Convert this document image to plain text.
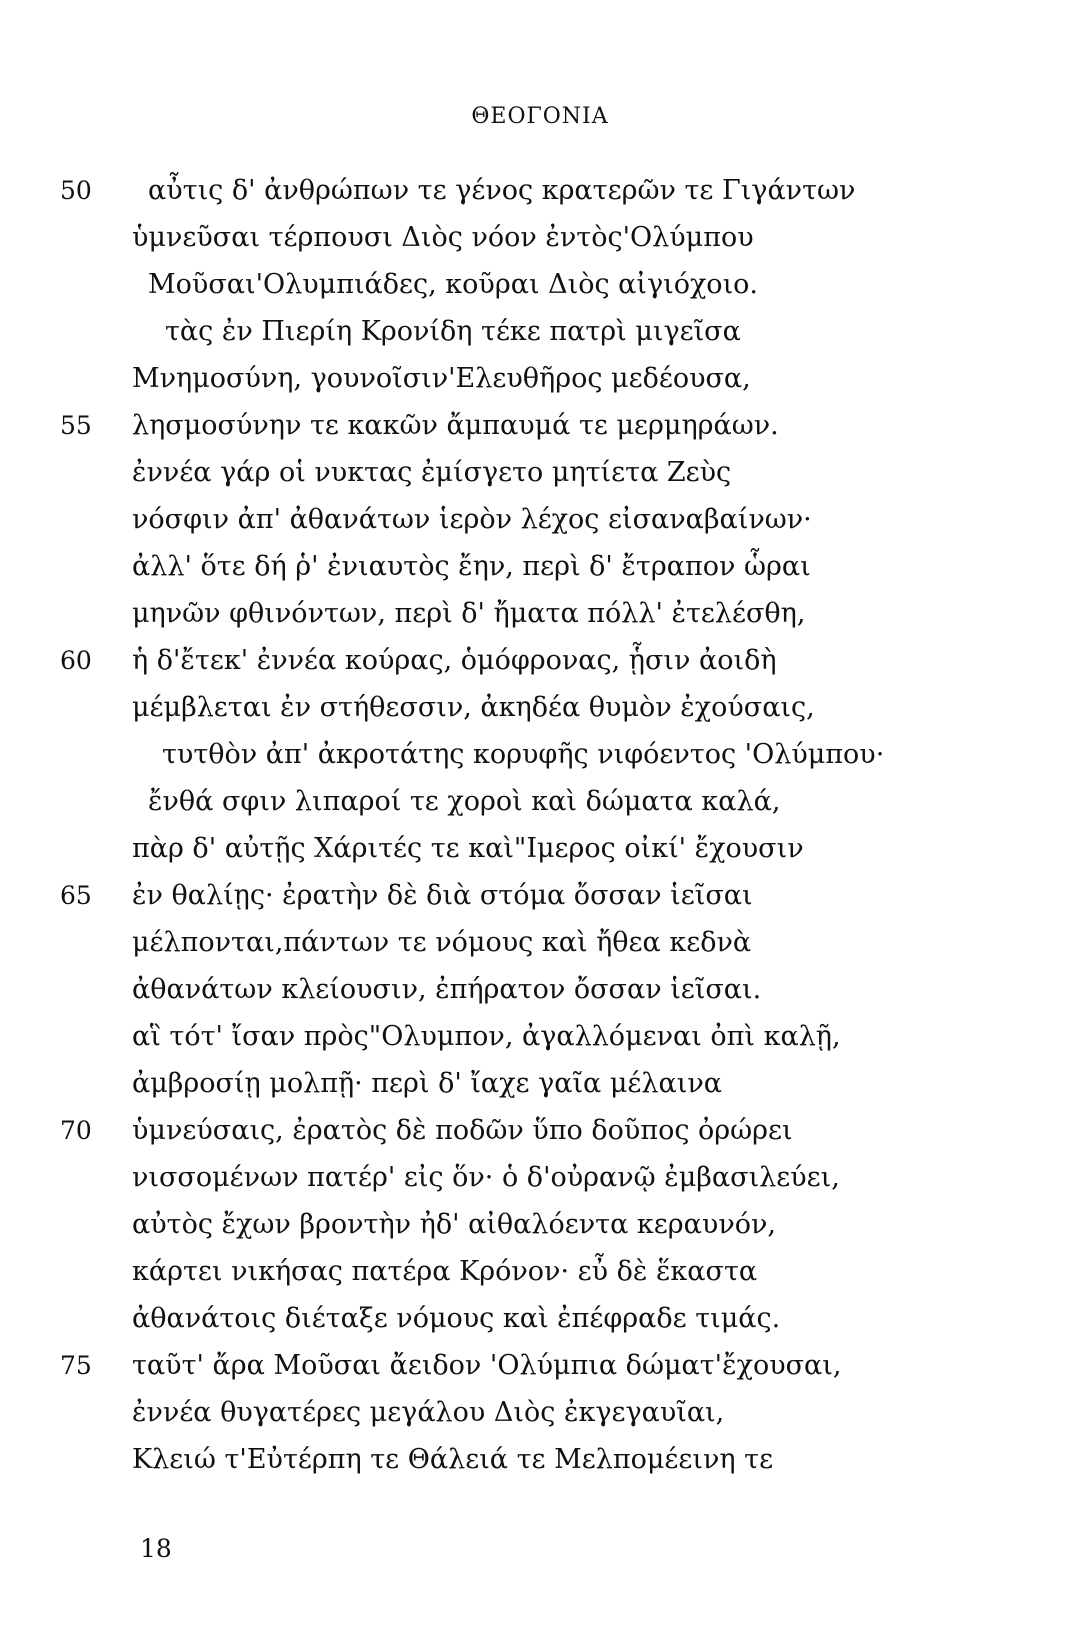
ΘΕΟΓΟΝΙΑ
50	αὖτις δ' ἀνθρώπων τε γένος κρατερῶν τε Γιγάντων
ὑμνεῦσαι τέρπουσι Διὸς νόον ἐντὸς'Ολύμπου
Μοῦσαι'Ολυμπιάδες, κοῦραι Διὸς αἰγιόχοιο.
τὰς ἐν Πιερίη Κρονίδη τέκε πατρὶ μιγεῖσα
Μνημοσύνη, γουνοῖσιν'Ελευθῆρος μεδέουσα,
55	λησμοσύνην τε κακῶν ἄμπαυμά τε μερμηράων.
ἐννέα γάρ οἱ νυκτας ἐμίσγετο μητίετα Ζεὺς
νόσφιν ἀπ' ἀθανάτων ἱερὸν λέχος εἰσαναβαίνων·
ἀλλ' ὅτε δή ῥ' ἐνιαυτὸς ἔην, περὶ δ' ἔτραπον ὧραι
μηνῶν φθινόντων, περὶ δ' ἤματα πόλλ' ἐτελέσθη,
60	ἡ δ'ἔτεκ' ἐννέα κούρας, ὁμόφρονας, ᾗσιν ἀοιδὴ
μέμβλεται ἐν στήθεσσιν, ἀκηδέα θυμὸν ἐχούσαις,
τυτθὸν ἀπ' ἀκροτάτης κορυφῆς νιφόεντος 'Ολύμπου·
ἔνθά σφιν λιπαροί τε χοροὶ καὶ δώματα καλά,
πὰρ δ' αὐτῇς Χάριτές τε καὶ"Ιμερος οἰκί' ἔχουσιν
65	ἐν θαλίῃς· ἐρατὴν δὲ διὰ στόμα ὄσσαν ἱεῖσαι
μέλπονται,πάντων τε νόμους καὶ ἤθεα κεδνὰ
ἀθανάτων κλείουσιν, ἐπήρατον ὄσσαν ἱεῖσαι.
αἳ τότ' ἴσαν πρὸς"Ολυμπον, ἀγαλλόμεναι ὀπὶ καλῇ,
ἀμβροσίῃ μολπῇ· περὶ δ' ἴαχε γαῖα μέλαινα
70	ὑμνεύσαις, ἐρατὸς δὲ ποδῶν ὕπο δοῦπος ὀρώρει
νισσομένων πατέρ' εἰς ὅν· ὁ δ'οὐρανῷ ἐμβασιλεύει,
αὐτὸς ἔχων βροντὴν ἠδ' αἰθαλόεντα κεραυνόν,
κάρτει νικήσας πατέρα Κρόνον· εὖ δὲ ἕκαστα
ἀθανάτοις διέταξε νόμους καὶ ἐπέφραδε τιμάς.
75	ταῦτ' ἄρα Μοῦσαι ἄειδον 'Ολύμπια δώματ'ἔχουσαι,
ἐννέα θυγατέρες μεγάλου Διὸς ἐκγεγαυῖαι,
Κλειώ τ'Εὐτέρπη τε Θάλειά τε Μελπομέεινη τε
18
